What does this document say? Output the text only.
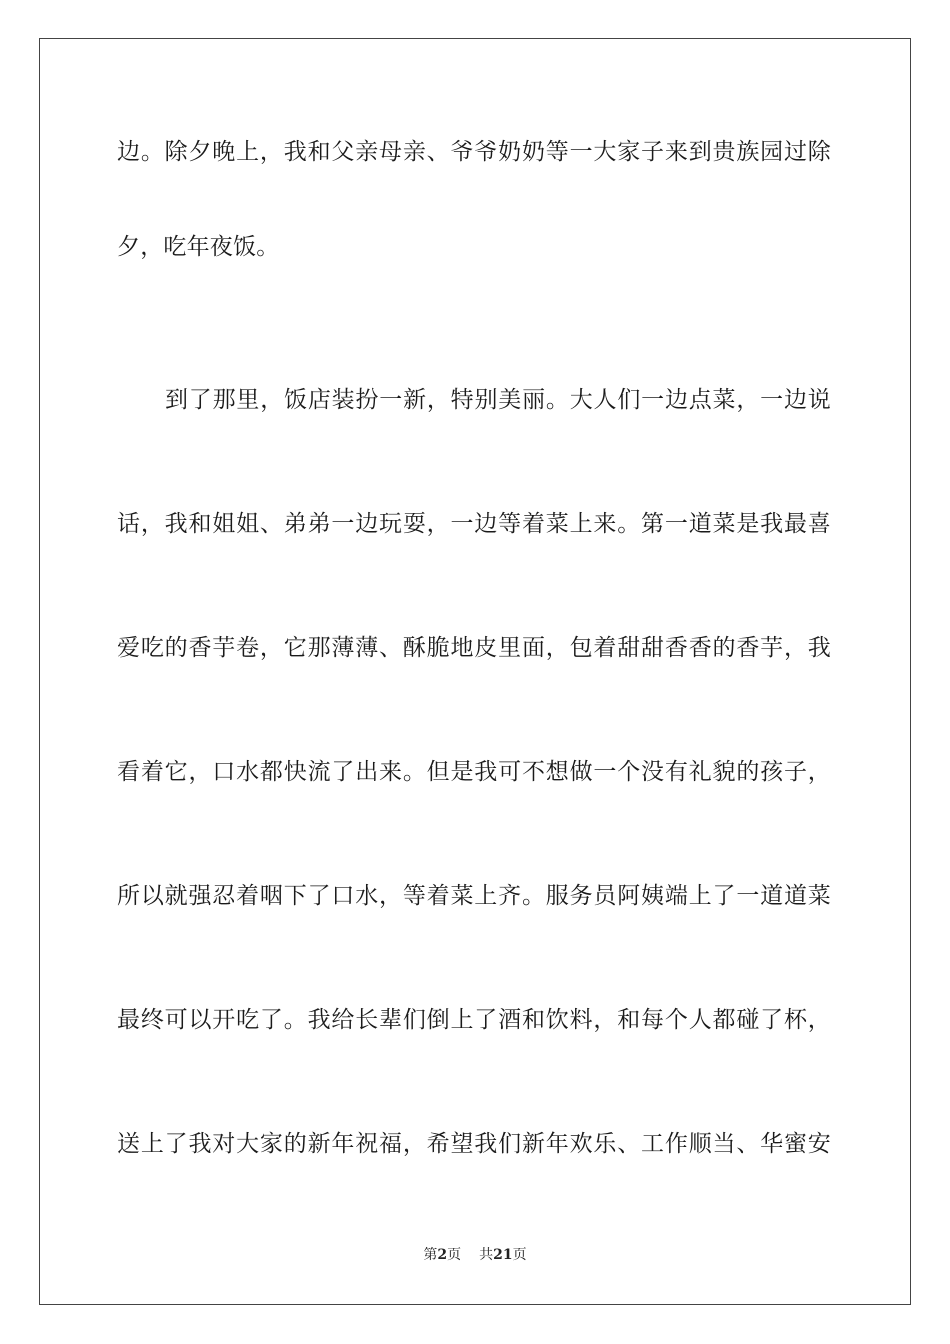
边。除夕晚上，我和父亲母亲、爷爷奶奶等一大家子来到贵族园过除
夕，吃年夜饭。
到了那里，饭店装扮一新，特别美丽。大人们一边点菜，一边说
话，我和姐姐、弟弟一边玩耍，一边等着菜上来。第一道菜是我最喜
爱吃的香芋卷，它那薄薄、酥脆地皮里面，包着甜甜香香的香芋，我
看着它，口水都快流了出来。但是我可不想做一个没有礼貌的孩子，
所以就强忍着咽下了口水，等着菜上齐。服务员阿姨端上了一道道菜
最终可以开吃了。我给长辈们倒上了酒和饮料，和每个人都碰了杯，
送上了我对大家的新年祝福，希望我们新年欢乐、工作顺当、华蜜安
第2页 共21页
